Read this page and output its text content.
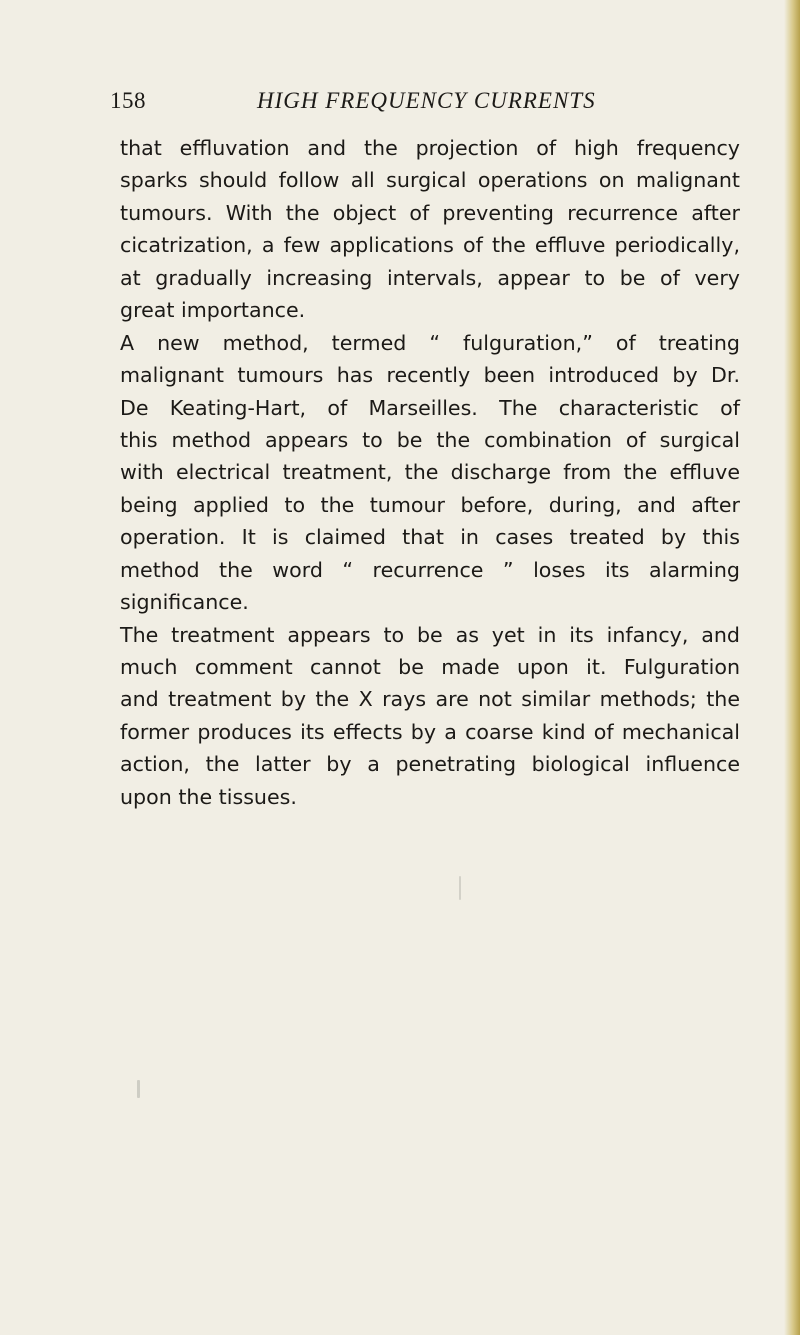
158	HIGH FREQUENCY CURRENTS
that effluvation and the projection of high frequency
sparks should follow all surgical operations on malignant
tumours. With the object of preventing recurrence after
cicatrization, a few applications of the effluve periodically,
at gradually increasing intervals, appear to be of very
great importance.
A new method, termed “ fulguration,” of treating
malignant tumours has recently been introduced by Dr.
De Keating-Hart, of Marseilles. The characteristic of
this method appears to be the combination of surgical
with electrical treatment, the discharge from the effluve
being applied to the tumour before, during, and after
operation. It is claimed that in cases treated by this
method the word “ recurrence ” loses its alarming
significance.
The treatment appears to be as yet in its infancy, and
much comment cannot be made upon it. Fulguration
and treatment by the X rays are not similar methods; the
former produces its effects by a coarse kind of mechanical
action, the latter by a penetrating biological influence
upon the tissues.
